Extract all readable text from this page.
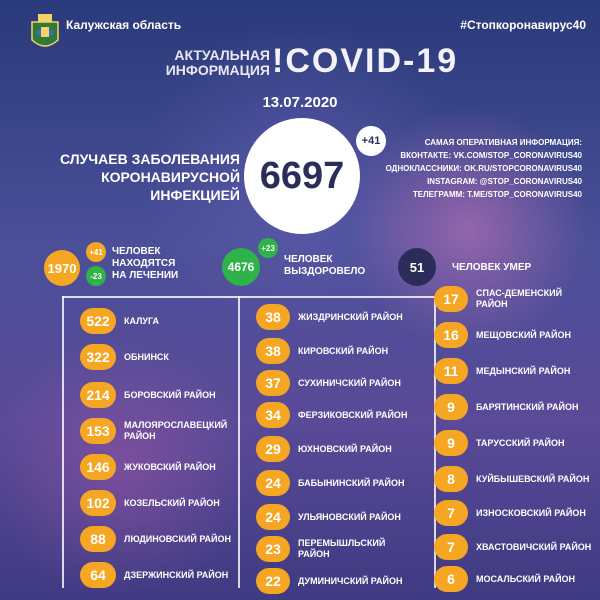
Калужская область	#Стопкоронавирус40
АКТУАЛЬНАЯ
ИНФОРМАЦИЯ !COVID-19
13.07.2020
СЛУЧАЕВ ЗАБОЛЕВАНИЯ
КОРОНАВИРУСНОЙ ИНФЕКЦИЕЙ 6697
+41	САМАЯ ОПЕРАТИВНАЯ ИНФОРМАЦИЯ:
ВКОНТАКТЕ: VK.COM/STOP_CORONAVIRUS40
ОДНОКЛАССНИКИ: OK.RU/STOPCORONAVIRUS40
INSTAGRAM: @STOP_CORONAVIRUS40
ТЕЛЕГРАММ: T.ME/STOP_CORONAVIRUS40
1970
+41
-23
ЧЕЛОВЕК
НАХОДЯТСЯ
НА ЛЕЧЕНИИ
4676
+23
ЧЕЛОВЕК
ВЫЗДОРОВЕЛО	51	ЧЕЛОВЕК УМЕР
522	КАЛУГА
322	ОБНИНСК
214	БОРОВСКИЙ РАЙОН
153	МАЛОЯРОСЛАВЕЦКИЙ РАЙОН
146	ЖУКОВСКИЙ РАЙОН
102	КОЗЕЛЬСКИЙ РАЙОН
88	ЛЮДИНОВСКИЙ РАЙОН
64	ДЗЕРЖИНСКИЙ РАЙОН
38	ЖИЗДРИНСКИЙ РАЙОН
38	КИРОВСКИЙ РАЙОН
37	СУХИНИЧСКИЙ РАЙОН
34	ФЕРЗИКОВСКИЙ РАЙОН
29	ЮХНОВСКИЙ РАЙОН
24	БАБЫНИНСКИЙ РАЙОН
24	УЛЬЯНОВСКИЙ РАЙОН
23	ПЕРЕМЫШЛЬСКИЙ РАЙОН
22	ДУМИНИЧСКИЙ РАЙОН
17	СПАС-ДЕМЕНСКИЙ РАЙОН
16	МЕЩОВСКИЙ РАЙОН
11	МЕДЫНСКИЙ РАЙОН
9	БАРЯТИНСКИЙ РАЙОН
9	ТАРУССКИЙ РАЙОН
8	КУЙБЫШЕВСКИЙ РАЙОН
7	ИЗНОСКОВСКИЙ РАЙОН
7	ХВАСТОВИЧСКИЙ РАЙОН
6	МОСАЛЬСКИЙ РАЙОН
